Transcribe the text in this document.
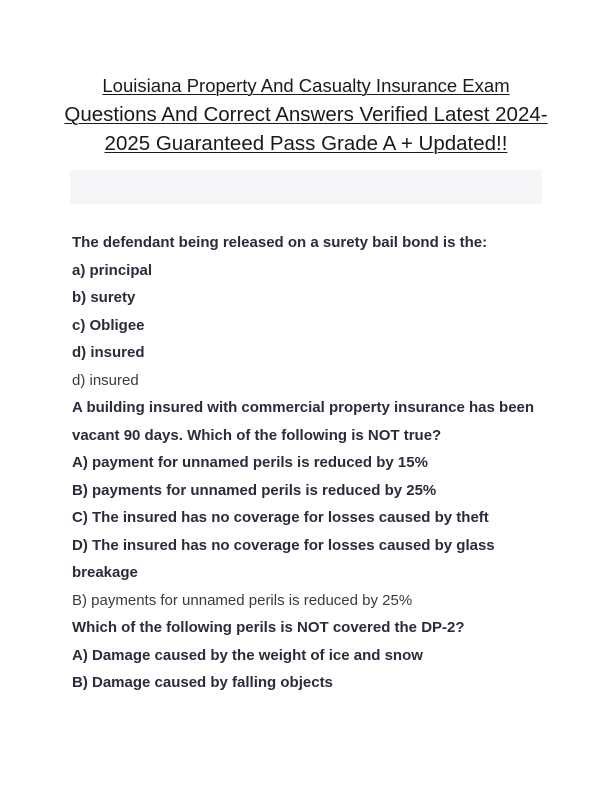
Louisiana Property And Casualty Insurance Exam
Questions And Correct Answers Verified Latest 2024-
2025 Guaranteed Pass Grade A + Updated!!
The defendant being released on a surety bail bond is the:
a) principal
b) surety
c) Obligee
d) insured
d) insured
A building insured with commercial property insurance has been vacant 90 days. Which of the following is NOT true?
A) payment for unnamed perils is reduced by 15%
B) payments for unnamed perils is reduced by 25%
C) The insured has no coverage for losses caused by theft
D) The insured has no coverage for losses caused by glass breakage
B) payments for unnamed perils is reduced by 25%
Which of the following perils is NOT covered the DP-2?
A) Damage caused by the weight of ice and snow
B) Damage caused by falling objects
